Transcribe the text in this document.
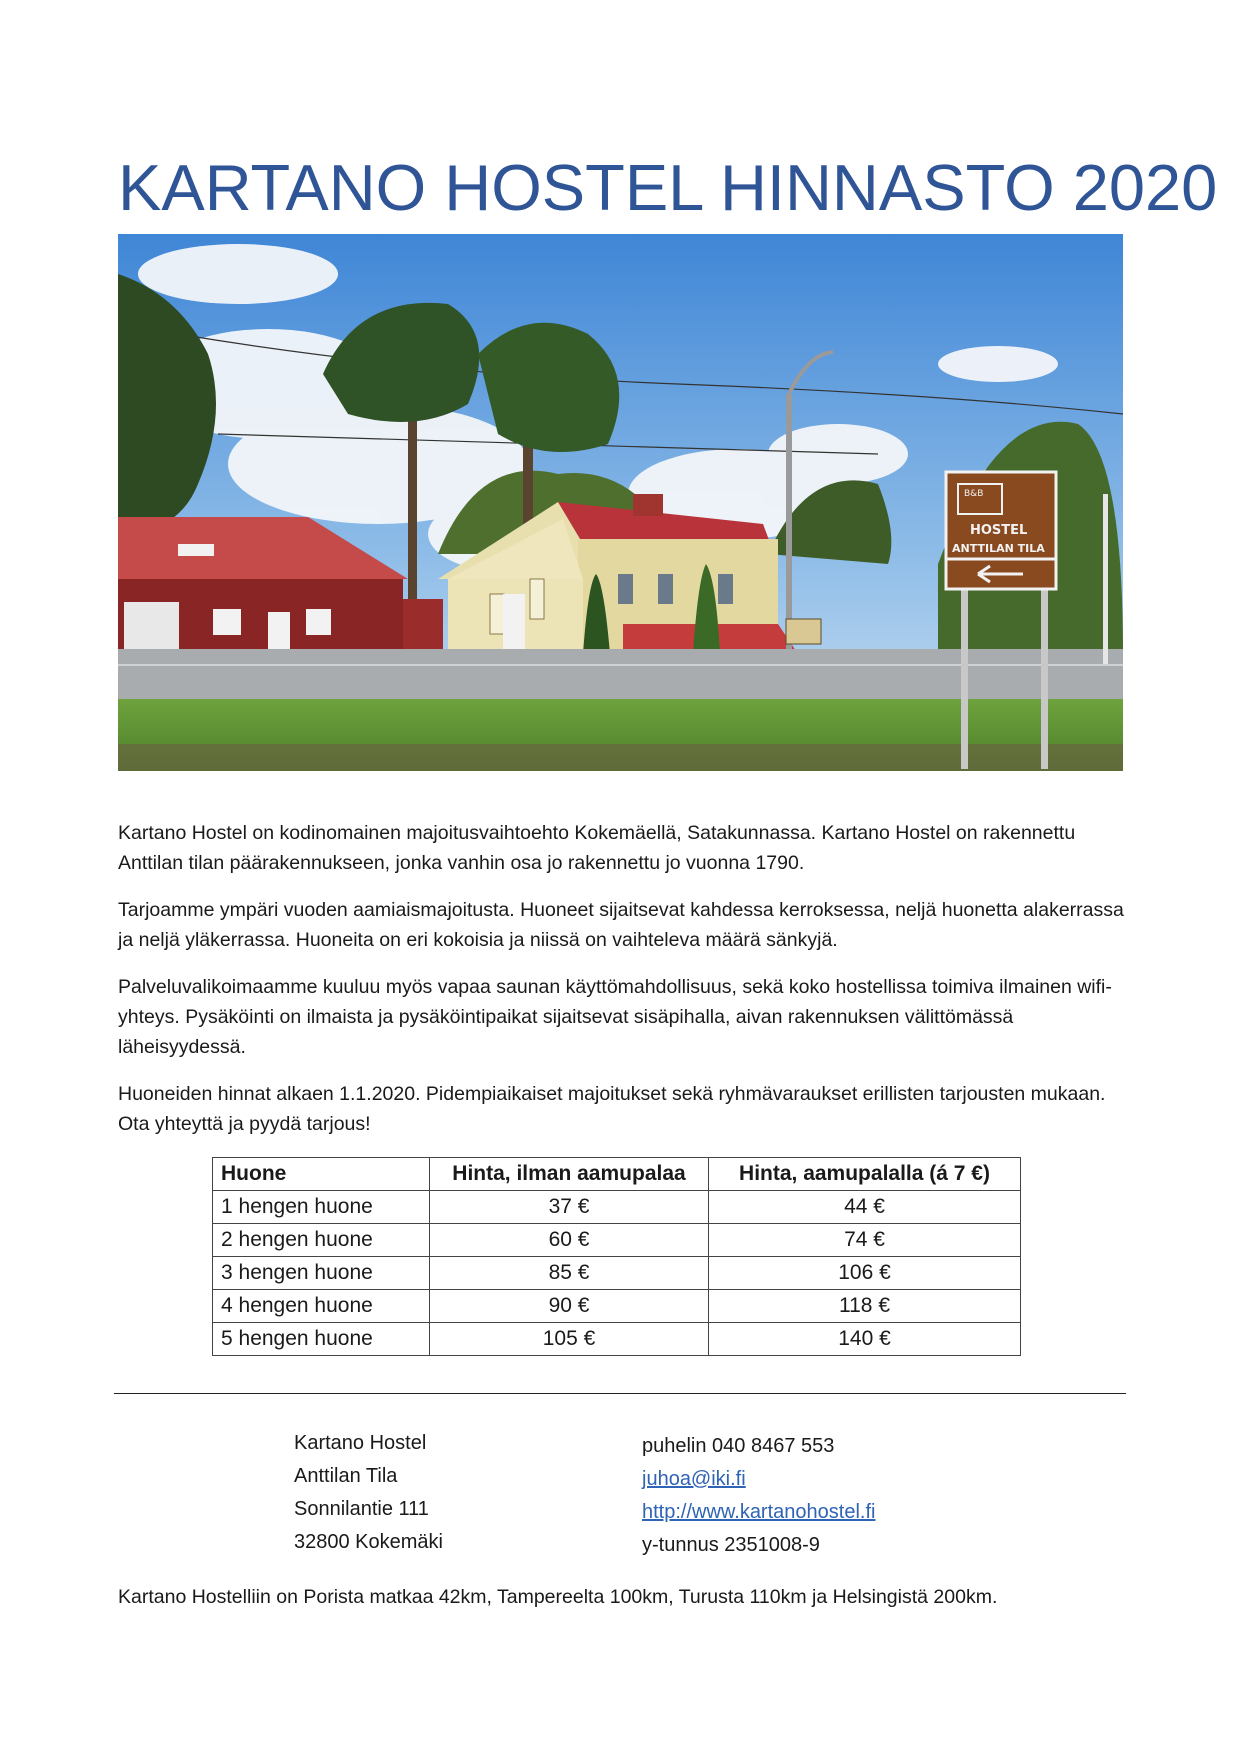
KARTANO HOSTEL HINNASTO 2020
B&B
HOSTEL
ANTTILAN TILA

Kartano Hostel on kodinomainen majoitusvaihtoehto Kokemäellä, Satakunnassa. Kartano Hostel on rakennettu Anttilan tilan päärakennukseen, jonka vanhin osa jo rakennettu jo vuonna 1790.

Tarjoamme ympäri vuoden aamiaismajoitusta. Huoneet sijaitsevat kahdessa kerroksessa, neljä huonetta alakerrassa ja neljä yläkerrassa. Huoneita on eri kokoisia ja niissä on vaihteleva määrä sänkyjä.

Palveluvalikoimaamme kuuluu myös vapaa saunan käyttömahdollisuus, sekä koko hostellissa toimiva ilmainen wifi-yhteys. Pysäköinti on ilmaista ja pysäköintipaikat sijaitsevat sisäpihalla, aivan rakennuksen välittömässä läheisyydessä.

Huoneiden hinnat alkaen 1.1.2020. Pidempiaikaiset majoitukset sekä ryhmävaraukset erillisten tarjousten mukaan. Ota yhteyttä ja pyydä tarjous!

Huone	Hinta, ilman aamupalaa	Hinta, aamupalalla (á 7 €)
1 hengen huone	37 €	44 €
2 hengen huone	60 €	74 €
3 hengen huone	85 €	106 €
4 hengen huone	90 €	118 €
5 hengen huone	105 €	140 €
Kartano Hostel
Anttilan Tila
Sonnilantie 111
32800 Kokemäki
puhelin 040 8467 553
juhoa@iki.fi
http://www.kartanohostel.fi
y-tunnus 2351008-9

Kartano Hostelliin on Porista matkaa 42km, Tampereelta 100km, Turusta 110km ja Helsingistä 200km.
